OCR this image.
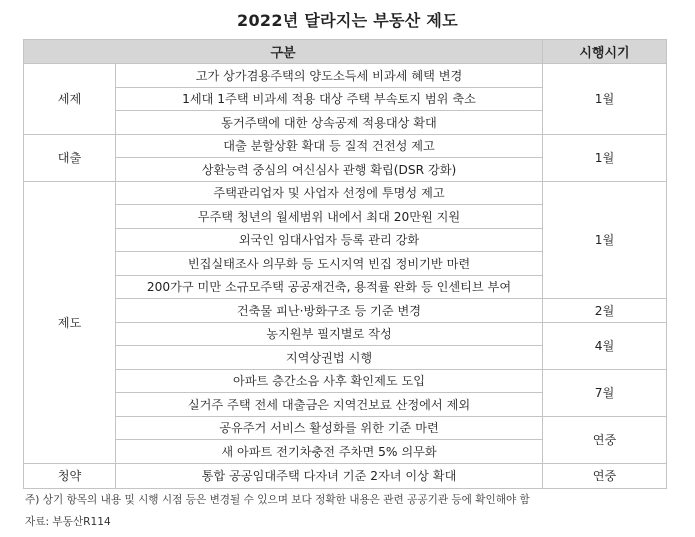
2022년 달라지는 부동산 제도
구분		시행시기
세제	고가 상가겸용주택의 양도소득세 비과세 혜택 변경	1월
	1세대 1주택 비과세 적용 대상 주택 부속토지 범위 축소	
	동거주택에 대한 상속공제 적용대상 확대	
대출	대출 분할상환 확대 등 질적 건전성 제고	1월
	상환능력 중심의 여신심사 관행 확립(DSR 강화)	
제도	주택관리업자 및 사업자 선정에 투명성 제고	1월
	무주택 청년의 월세범위 내에서 최대 20만원 지원	
	외국인 임대사업자 등록 관리 강화	
	빈집실태조사 의무화 등 도시지역 빈집 정비기반 마련	
	200가구 미만 소규모주택 공공재건축, 용적률 완화 등 인센티브 부여	
	건축물 피난·방화구조 등 기준 변경	2월
	농지원부 필지별로 작성	4월
	지역상권법 시행	
	아파트 층간소음 사후 확인제도 도입	7월
	실거주 주택 전세 대출금은 지역건보료 산정에서 제외	
	공유주거 서비스 활성화를 위한 기준 마련	연중
	새 아파트 전기차충전 주차면 5% 의무화	
청약	통합 공공임대주택 다자녀 기준 2자녀 이상 확대	연중
주) 상기 항목의 내용 및 시행 시점 등은 변경될 수 있으며 보다 정확한 내용은 관련 공공기관 등에 확인해야 함
자료: 부동산R114
